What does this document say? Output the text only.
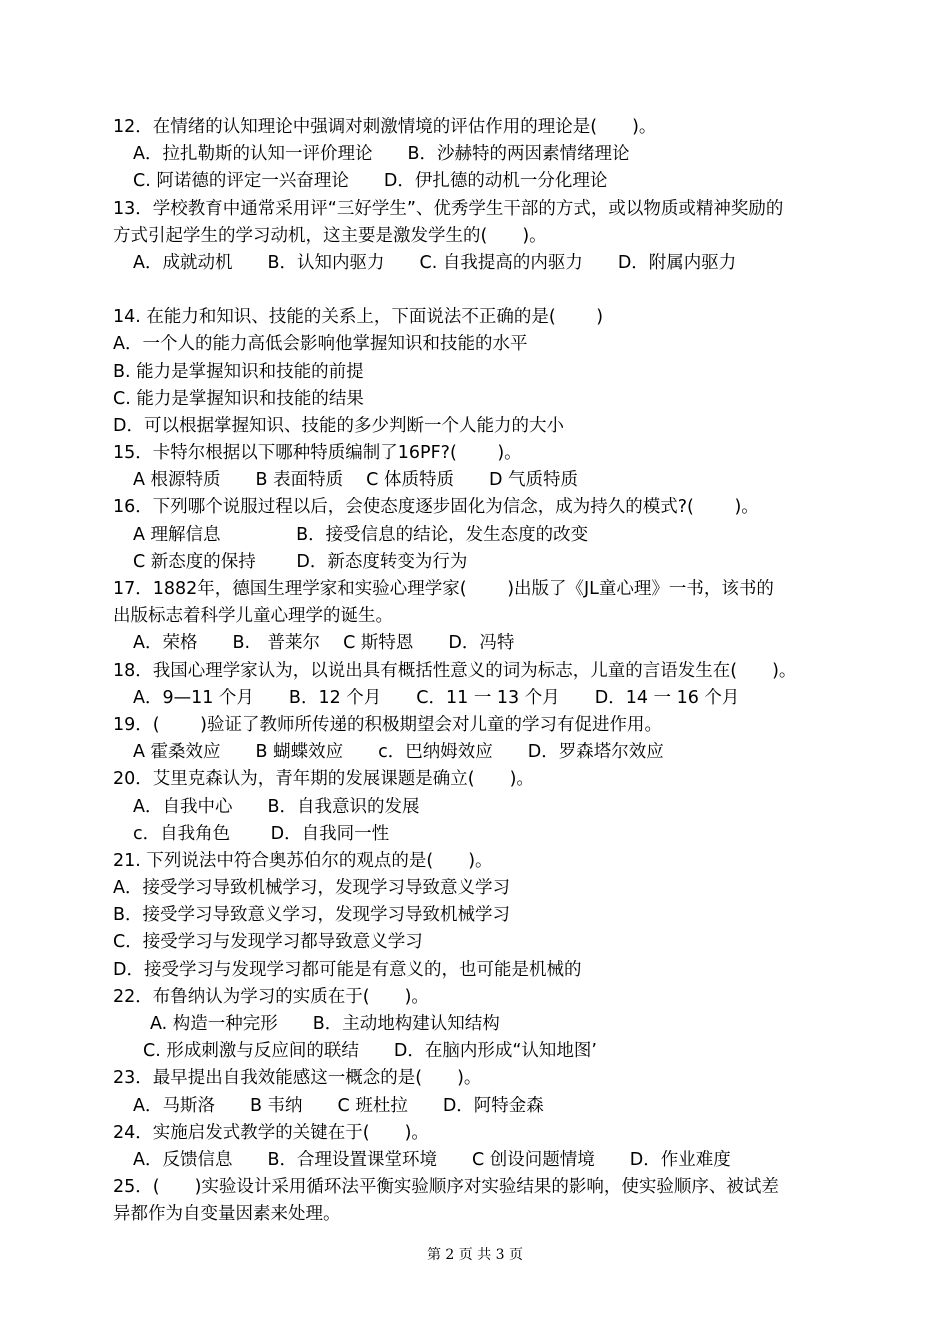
12．在情绪的认知理论中强调对刺激情境的评估作用的理论是(　　)。
A．拉扎勒斯的认知一评价理论　　B．沙赫特的两因素情绪理论
C. 阿诺德的评定一兴奋理论　　D．伊扎德的动机一分化理论
13．学校教育中通常采用评“三好学生”、优秀学生干部的方式，或以物质或精神奖励的
方式引起学生的学习动机，这主要是激发学生的(　　)。
A．成就动机　　B．认知内驱力　　C. 自我提高的内驱力　　D．附属内驱力
14. 在能力和知识、技能的关系上，下面说法不正确的是(　　 )
A．一个人的能力高低会影响他掌握知识和技能的水平
B. 能力是掌握知识和技能的前提
C. 能力是掌握知识和技能的结果
D．可以根据掌握知识、技能的多少判断一个人能力的大小
15．卡特尔根据以下哪种特质编制了16PF?(　　 )。
A 根源特质　　B 表面特质　 C 体质特质　　D 气质特质
16．下列哪个说服过程以后，会使态度逐步固化为信念，成为持久的模式?(　　 )。
A 理解信息　　　　 B．接受信息的结论，发生态度的改变
C 新态度的保持　　 D．新态度转变为行为
17．1882年，德国生理学家和实验心理学家(　　 )出版了《JL童心理》一书，该书的
出版标志着科学儿童心理学的诞生。
A．荣格　　B.　普莱尔　 C 斯特恩　　D．冯特
18．我国心理学家认为，以说出具有概括性意义的词为标志，儿童的言语发生在(　　)。
A．9—11 个月　　B．12 个月　　C．11 一 13 个月　　D．14 一 16 个月
19．(　　 )验证了教师所传递的积极期望会对儿童的学习有促进作用。
A 霍桑效应　　B 蝴蝶效应　　c．巴纳姆效应　　D．罗森塔尔效应
20．艾里克森认为，青年期的发展课题是确立(　　)。
A．自我中心　　B．自我意识的发展
c．自我角色　　 D．自我同一性
21. 下列说法中符合奥苏伯尔的观点的是(　　)。
A．接受学习导致机械学习，发现学习导致意义学习
B．接受学习导致意义学习，发现学习导致机械学习
C．接受学习与发现学习都导致意义学习
D．接受学习与发现学习都可能是有意义的，也可能是机械的
22．布鲁纳认为学习的实质在于(　　)。
A. 构造一种完形　　B．主动地构建认知结构
C. 形成刺激与反应间的联结　　D．在脑内形成“认知地图’
23．最早提出自我效能感这一概念的是(　　)。
A．马斯洛　　B 韦纳　　C 班杜拉　　D．阿特金森
24．实施启发式教学的关键在于(　　)。
A．反馈信息　　B．合理设置课堂环境　　C 创设问题情境　　D．作业难度
25．(　　)实验设计采用循环法平衡实验顺序对实验结果的影响，使实验顺序、被试差
异都作为自变量因素来处理。
第 2 页 共 3 页
